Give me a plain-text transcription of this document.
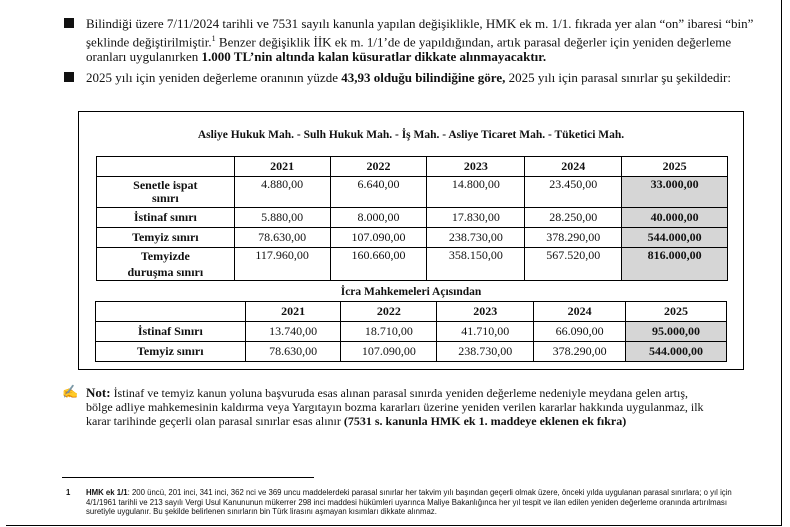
Bilindiği üzere 7/11/2024 tarihli ve 7531 sayılı kanunla yapılan değişiklikle, HMK ek m. 1/1. fıkrada yer alan “on” ibaresi “bin” şeklinde değiştirilmiştir.$^1$ Benzer değişiklik İİK ek m. 1/1’de de yapıldığından, artık parasal değerler için yeniden değerleme oranları uygulanırken 1.000 TL’nin altında kalan küsuratlar dikkate alınmayacaktır.
2025 yılı için yeniden değerleme oranının yüzde 43,93 olduğu bilindiğine göre, 2025 yılı için parasal sınırlar şu şekildedir:
Asliye Hukuk Mah. - Sulh Hukuk Mah. - İş Mah. - Asliye Ticaret Mah. - Tüketici Mah.
	2021	2022	2023	2024	2025
Senetle ispat
sınırı	4.880,00	6.640,00	14.800,00	23.450,00	33.000,00
İstinaf sınırı	5.880,00	8.000,00	17.830,00	28.250,00	40.000,00
Temyiz sınırı	78.630,00	107.090,00	238.730,00	378.290,00	544.000,00
Temyizde
duruşma sınırı	117.960,00	160.660,00	358.150,00	567.520,00	816.000,00
İcra Mahkemeleri Açısından
	2021	2022	2023	2024	2025
İstinaf Sınırı	13.740,00	18.710,00	41.710,00	66.090,00	95.000,00
Temyiz sınırı	78.630,00	107.090,00	238.730,00	378.290,00	544.000,00
✍ Not: İstinaf ve temyiz kanun yoluna başvuruda esas alınan parasal sınırda yeniden değerleme nedeniyle meydana gelen artış, bölge adliye mahkemesinin kaldırma veya Yargıtayın bozma kararları üzerine yeniden verilen kararlar hakkında uygulanmaz, ilk karar tarihinde geçerli olan parasal sınırlar esas alınır (7531 s. kanunla HMK ek 1. maddeye eklenen ek fıkra)
1 HMK ek 1/1: 200 üncü, 201 inci, 341 inci, 362 nci ve 369 uncu maddelerdeki parasal sınırlar her takvim yılı başından geçerli olmak üzere, önceki yılda uygulanan parasal sınırlara; o yıl için 4/1/1961 tarihli ve 213 sayılı Vergi Usul Kanununun mükerrer 298 inci maddesi hükümleri uyarınca Maliye Bakanlığınca her yıl tespit ve ilan edilen yeniden değerleme oranında artırılması suretiyle uygulanır. Bu şekilde belirlenen sınırların bin Türk lirasını aşmayan kısımları dikkate alınmaz.
